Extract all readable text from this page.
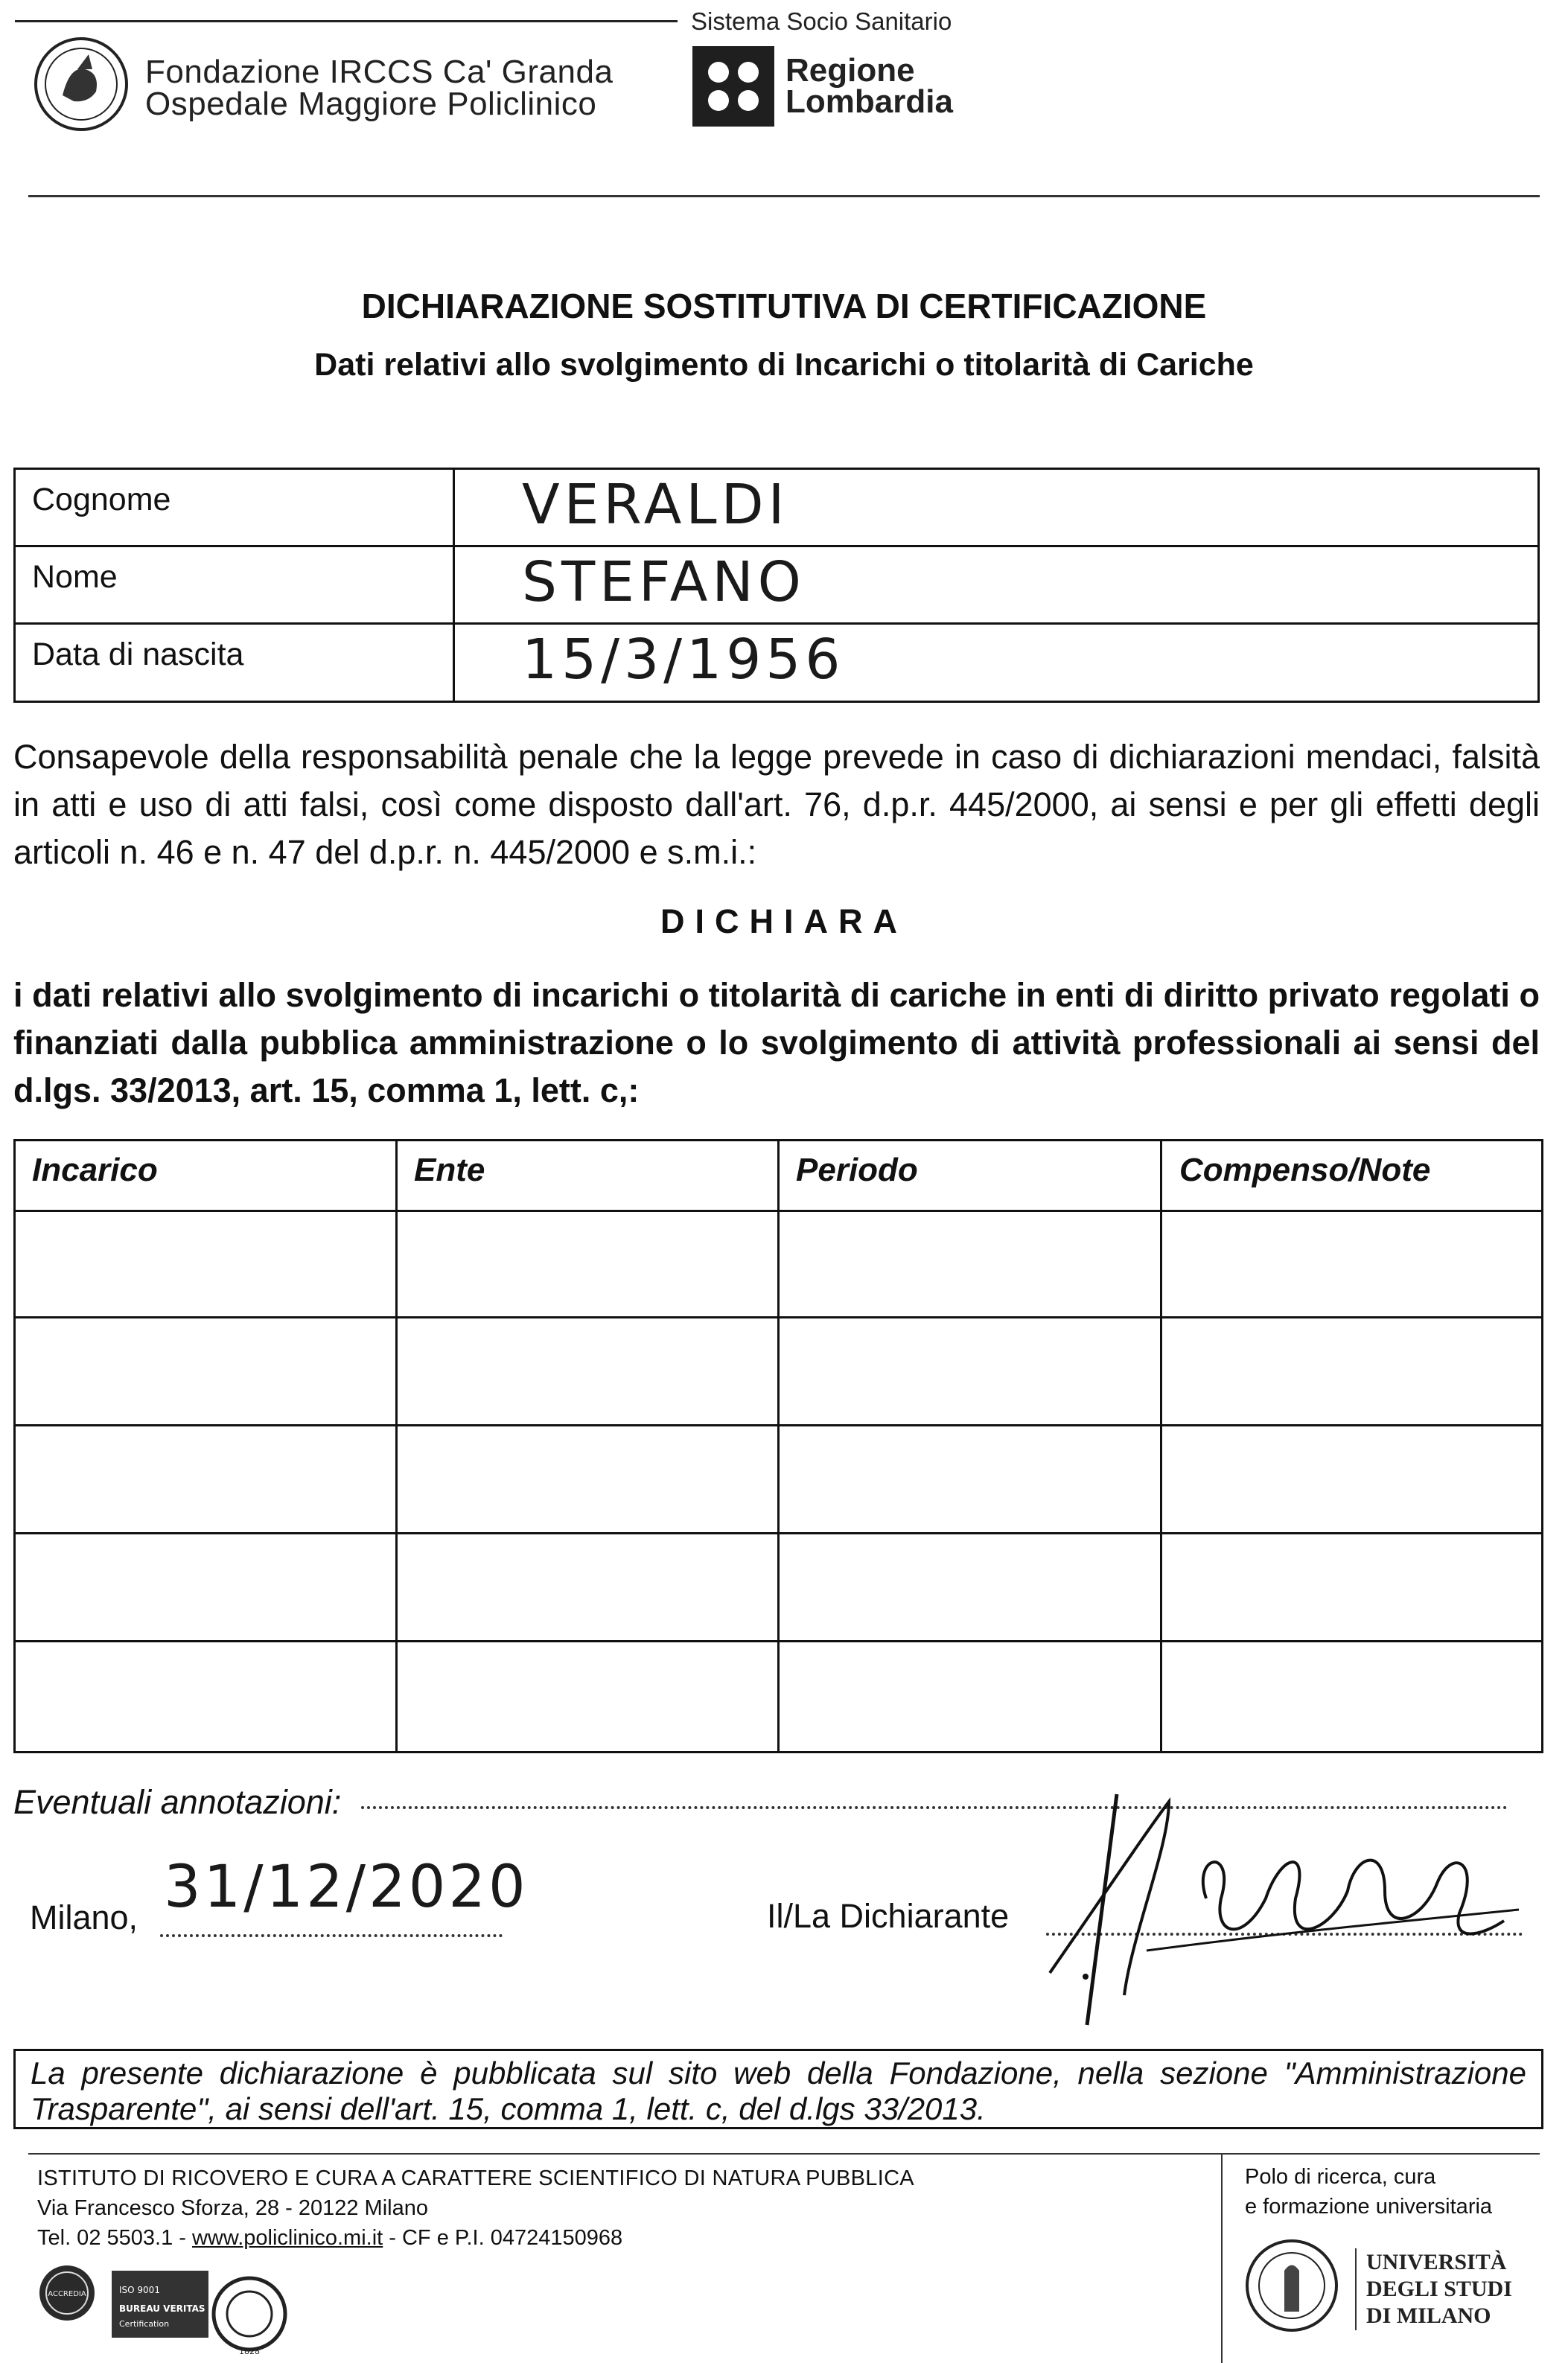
Sistema Socio Sanitario
Fondazione IRCCS Ca' Granda
Ospedale Maggiore Policlinico
Regione
Lombardia
DICHIARAZIONE SOSTITUTIVA DI CERTIFICAZIONE
Dati relativi allo svolgimento di Incarichi o titolarità di Cariche
Cognome	VERALDI
Nome	STEFANO
Data di nascita	15/3/1956
Consapevole della responsabilità penale che la legge prevede in caso di dichiarazioni mendaci, falsità in atti e uso di atti falsi, così come disposto dall'art. 76, d.p.r. 445/2000, ai sensi e per gli effetti degli articoli n. 46 e n. 47 del d.p.r. n. 445/2000 e s.m.i.:
DICHIARA
i dati relativi allo svolgimento di incarichi o titolarità di cariche in enti di diritto privato regolati o finanziati dalla pubblica amministrazione o lo svolgimento di attività professionali ai sensi del d.lgs. 33/2013, art. 15, comma 1, lett. c,:
Incarico	Ente	Periodo	Compenso/Note
Eventuali annotazioni:
Milano, 31/12/2020	Il/La Dichiarante
La presente dichiarazione è pubblicata sul sito web della Fondazione, nella sezione "Amministrazione Trasparente", ai sensi dell'art. 15, comma 1, lett. c, del d.lgs 33/2013.
ISTITUTO DI RICOVERO E CURA A CARATTERE SCIENTIFICO DI NATURA PUBBLICA
Via Francesco Sforza, 28 - 20122 Milano
Tel. 02 5503.1 - www.policlinico.mi.it - CF e P.I. 04724150968
ACCREDIA	ISO 9001
BUREAU VERITAS
Certification
1828
Polo di ricerca, cura
e formazione universitaria
UNIVERSITÀ
DEGLI STUDI
DI MILANO
